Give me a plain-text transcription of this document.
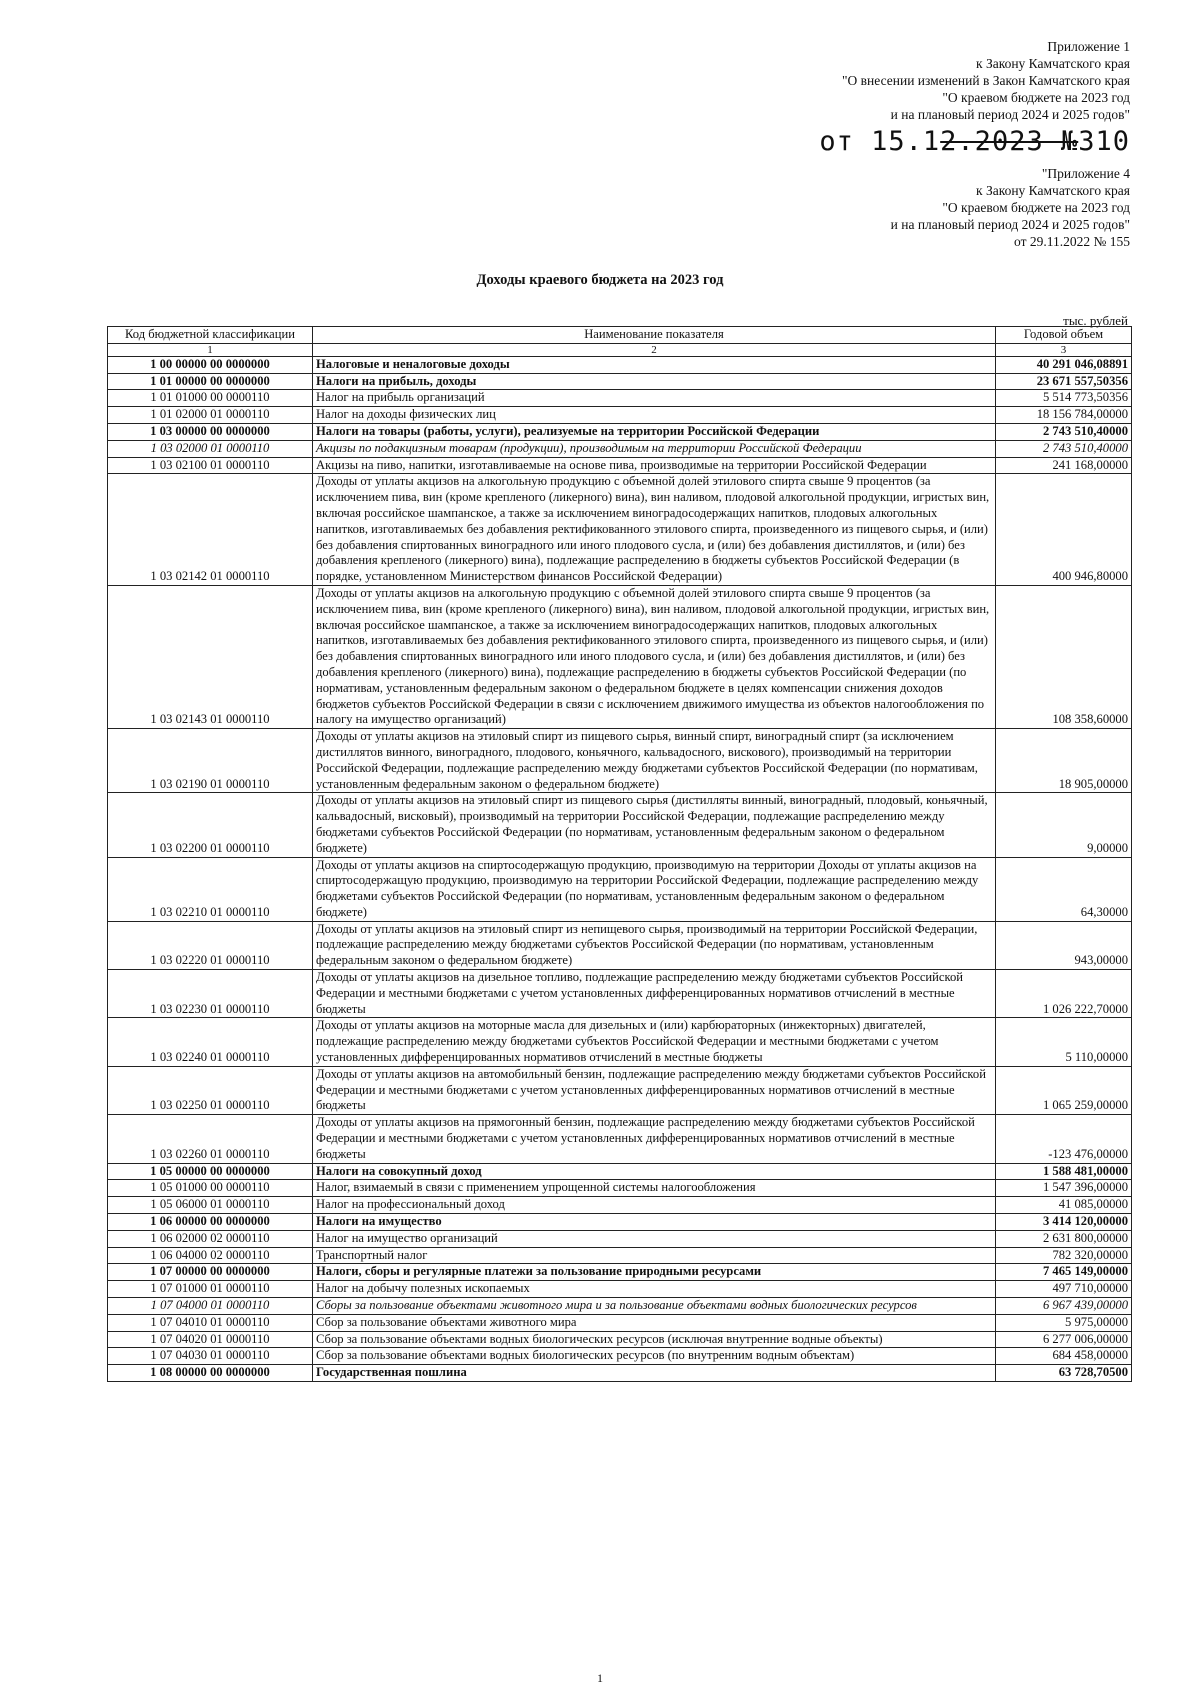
Приложение 1
к Закону Камчатского края
"О внесении изменений в Закон Камчатского края
"О краевом бюджете на 2023 год
и на плановый период 2024 и 2025 годов"
от 15.12.2023 №310
"Приложение 4
к Закону Камчатского края
"О краевом бюджете на 2023 год
и на плановый период 2024 и 2025 годов"
от 29.11.2022 № 155
Доходы краевого бюджета на 2023 год
тыс. рублей
Код бюджетной классификации	Наименование показателя	Годовой объем
1	2	3
1 00 00000 00 0000000	Налоговые и неналоговые доходы	40 291 046,08891
1 01 00000 00 0000000	Налоги на прибыль, доходы	23 671 557,50356
1 01 01000 00 0000110	Налог на прибыль организаций	5 514 773,50356
1 01 02000 01 0000110	Налог на доходы физических лиц	18 156 784,00000
1 03 00000 00 0000000	Налоги на товары (работы, услуги), реализуемые на территории Российской Федерации	2 743 510,40000
1 03 02000 01 0000110	Акцизы по подакцизным товарам (продукции), производимым на территории Российской Федерации	2 743 510,40000
1 03 02100 01 0000110	Акцизы на пиво, напитки, изготавливаемые на основе пива, производимые на территории Российской Федерации	241 168,00000
1 03 02142 01 0000110	Доходы от уплаты акцизов на алкогольную продукцию с объемной долей этилового спирта свыше 9 процентов (за исключением пива, вин (кроме крепленого (ликерного) вина), вин наливом, плодовой алкогольной продукции, игристых вин, включая российское шампанское, а также за исключением виноградосодержащих напитков, плодовых алкогольных напитков, изготавливаемых без добавления ректификованного этилового спирта, произведенного из пищевого сырья, и (или) без добавления спиртованных виноградного или иного плодового сусла, и (или) без добавления дистиллятов, и (или) без добавления крепленого (ликерного) вина), подлежащие распределению в бюджеты субъектов Российской Федерации (в порядке, установленном Министерством финансов Российской Федерации)	400 946,80000
1 03 02143 01 0000110	Доходы от уплаты акцизов на алкогольную продукцию с объемной долей этилового спирта свыше 9 процентов (за исключением пива, вин (кроме крепленого (ликерного) вина), вин наливом, плодовой алкогольной продукции, игристых вин, включая российское шампанское, а также за исключением виноградосодержащих напитков, плодовых алкогольных напитков, изготавливаемых без добавления ректификованного этилового спирта, произведенного из пищевого сырья, и (или) без добавления спиртованных виноградного или иного плодового сусла, и (или) без добавления дистиллятов, и (или) без добавления крепленого (ликерного) вина), подлежащие распределению в бюджеты субъектов Российской Федерации (по нормативам, установленным федеральным законом о федеральном бюджете в целях компенсации снижения доходов бюджетов субъектов Российской Федерации в связи с исключением движимого имущества из объектов налогообложения по налогу на имущество организаций)	108 358,60000
1 03 02190 01 0000110	Доходы от уплаты акцизов на этиловый спирт из пищевого сырья, винный спирт, виноградный спирт (за исключением дистиллятов винного, виноградного, плодового, коньячного, кальвадосного, вискового), производимый на территории Российской Федерации, подлежащие распределению между бюджетами субъектов Российской Федерации (по нормативам, установленным федеральным законом о федеральном бюджете)	18 905,00000
1 03 02200 01 0000110	Доходы от уплаты акцизов на этиловый спирт из пищевого сырья (дистилляты винный, виноградный, плодовый, коньячный, кальвадосный, висковый), производимый на территории Российской Федерации, подлежащие распределению между бюджетами субъектов Российской Федерации (по нормативам, установленным федеральным законом о федеральном бюджете)	9,00000
1 03 02210 01 0000110	Доходы от уплаты акцизов на спиртосодержащую продукцию, производимую на территории Доходы от уплаты акцизов на спиртосодержащую продукцию, производимую на территории Российской Федерации, подлежащие распределению между бюджетами субъектов Российской Федерации (по нормативам, установленным федеральным законом о федеральном бюджете)	64,30000
1 03 02220 01 0000110	Доходы от уплаты акцизов на этиловый спирт из непищевого сырья, производимый на территории Российской Федерации, подлежащие распределению между бюджетами субъектов Российской Федерации (по нормативам, установленным федеральным законом о федеральном бюджете)	943,00000
1 03 02230 01 0000110	Доходы от уплаты акцизов на дизельное топливо, подлежащие распределению между бюджетами субъектов Российской Федерации и местными бюджетами с учетом установленных дифференцированных нормативов отчислений в местные бюджеты	1 026 222,70000
1 03 02240 01 0000110	Доходы от уплаты акцизов на моторные масла для дизельных и (или) карбюраторных (инжекторных) двигателей, подлежащие распределению между бюджетами субъектов Российской Федерации и местными бюджетами с учетом установленных дифференцированных нормативов отчислений в местные бюджеты	5 110,00000
1 03 02250 01 0000110	Доходы от уплаты акцизов на автомобильный бензин, подлежащие распределению между бюджетами субъектов Российской Федерации и местными бюджетами с учетом установленных дифференцированных нормативов отчислений в местные бюджеты	1 065 259,00000
1 03 02260 01 0000110	Доходы от уплаты акцизов на прямогонный бензин, подлежащие распределению между бюджетами субъектов Российской Федерации и местными бюджетами с учетом установленных дифференцированных нормативов отчислений в местные бюджеты	-123 476,00000
1 05 00000 00 0000000	Налоги на совокупный доход	1 588 481,00000
1 05 01000 00 0000110	Налог, взимаемый в связи с применением упрощенной системы налогообложения	1 547 396,00000
1 05 06000 01 0000110	Налог на профессиональный доход	41 085,00000
1 06 00000 00 0000000	Налоги на имущество	3 414 120,00000
1 06 02000 02 0000110	Налог на имущество организаций	2 631 800,00000
1 06 04000 02 0000110	Транспортный налог	782 320,00000
1 07 00000 00 0000000	Налоги, сборы и регулярные платежи за пользование природными ресурсами	7 465 149,00000
1 07 01000 01 0000110	Налог на добычу полезных ископаемых	497 710,00000
1 07 04000 01 0000110	Сборы за пользование объектами животного мира и за пользование объектами водных биологических ресурсов	6 967 439,00000
1 07 04010 01 0000110	Сбор за пользование объектами животного мира	5 975,00000
1 07 04020 01 0000110	Сбор за пользование объектами водных биологических ресурсов (исключая внутренние водные объекты)	6 277 006,00000
1 07 04030 01 0000110	Сбор за пользование объектами водных биологических ресурсов (по внутренним водным объектам)	684 458,00000
1 08 00000 00 0000000	Государственная пошлина	63 728,70500
1
